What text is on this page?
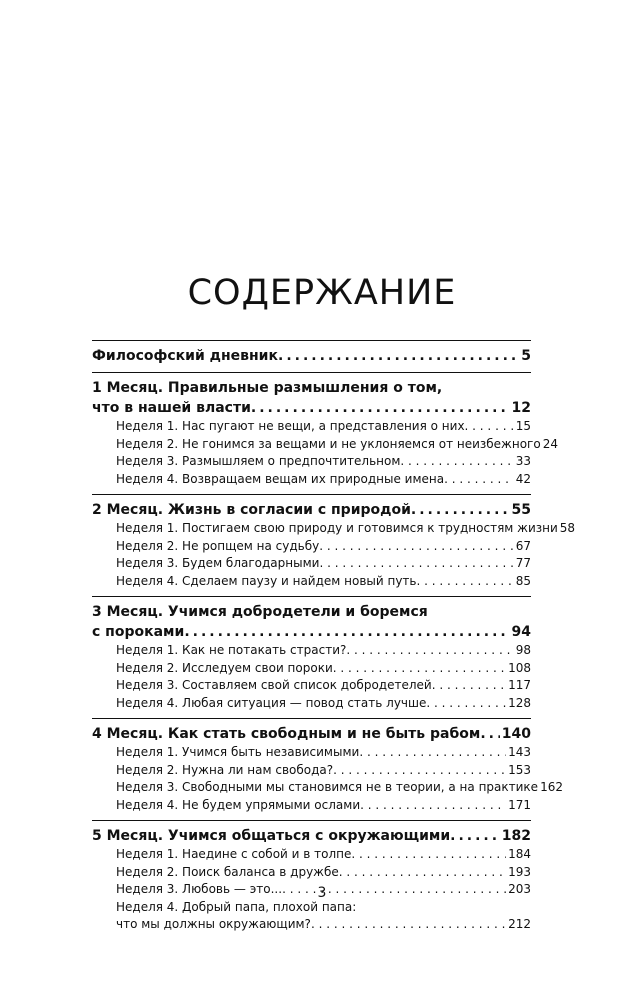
СОДЕРЖАНИЕ
Философский дневник .....	5
1 Месяц. Правильные размышления о том,
что в нашей власти .....	12
Неделя 1. Нас пугают не вещи, а представления о них . . .	15
Неделя 2. Не гонимся за вещами и не уклоняемся от неизбежного 24
Неделя 3. Размышляем о предпочтительном . . .	33
Неделя 4. Возвращаем вещам их природные имена . . .	42
2 Месяц. Жизнь в согласии с природой .....	55
Неделя 1. Постигаем свою природу и готовимся к трудностям жизни 58
Неделя 2. Не ропщем на судьбу . . .	67
Неделя 3. Будем благодарными . . .	77
Неделя 4. Сделаем паузу и найдем новый путь . . .	85
3 Месяц. Учимся добродетели и боремся
с пороками .....	94
Неделя 1. Как не потакать страсти? . . .	98
Неделя 2. Исследуем свои пороки . . .	108
Неделя 3. Составляем свой список добродетелей . . .	117
Неделя 4. Любая ситуация — повод стать лучше . . .	128
4 Месяц. Как стать свободным и не быть рабом ..... 140
Неделя 1. Учимся быть независимыми . . .	143
Неделя 2. Нужна ли нам свобода? . . .	153
Неделя 3. Свободными мы становимся не в теории, а на практике 162
Неделя 4. Не будем упрямыми ослами . . .	171
5 Месяц. Учимся общаться с окружающими .....	182
Неделя 1. Наедине с собой и в толпе . . .	184
Неделя 2. Поиск баланса в дружбе . . .	193
Неделя 3. Любовь — это... . . .	203
Неделя 4. Добрый папа, плохой папа:
что мы должны окружающим? . . .	212
3
